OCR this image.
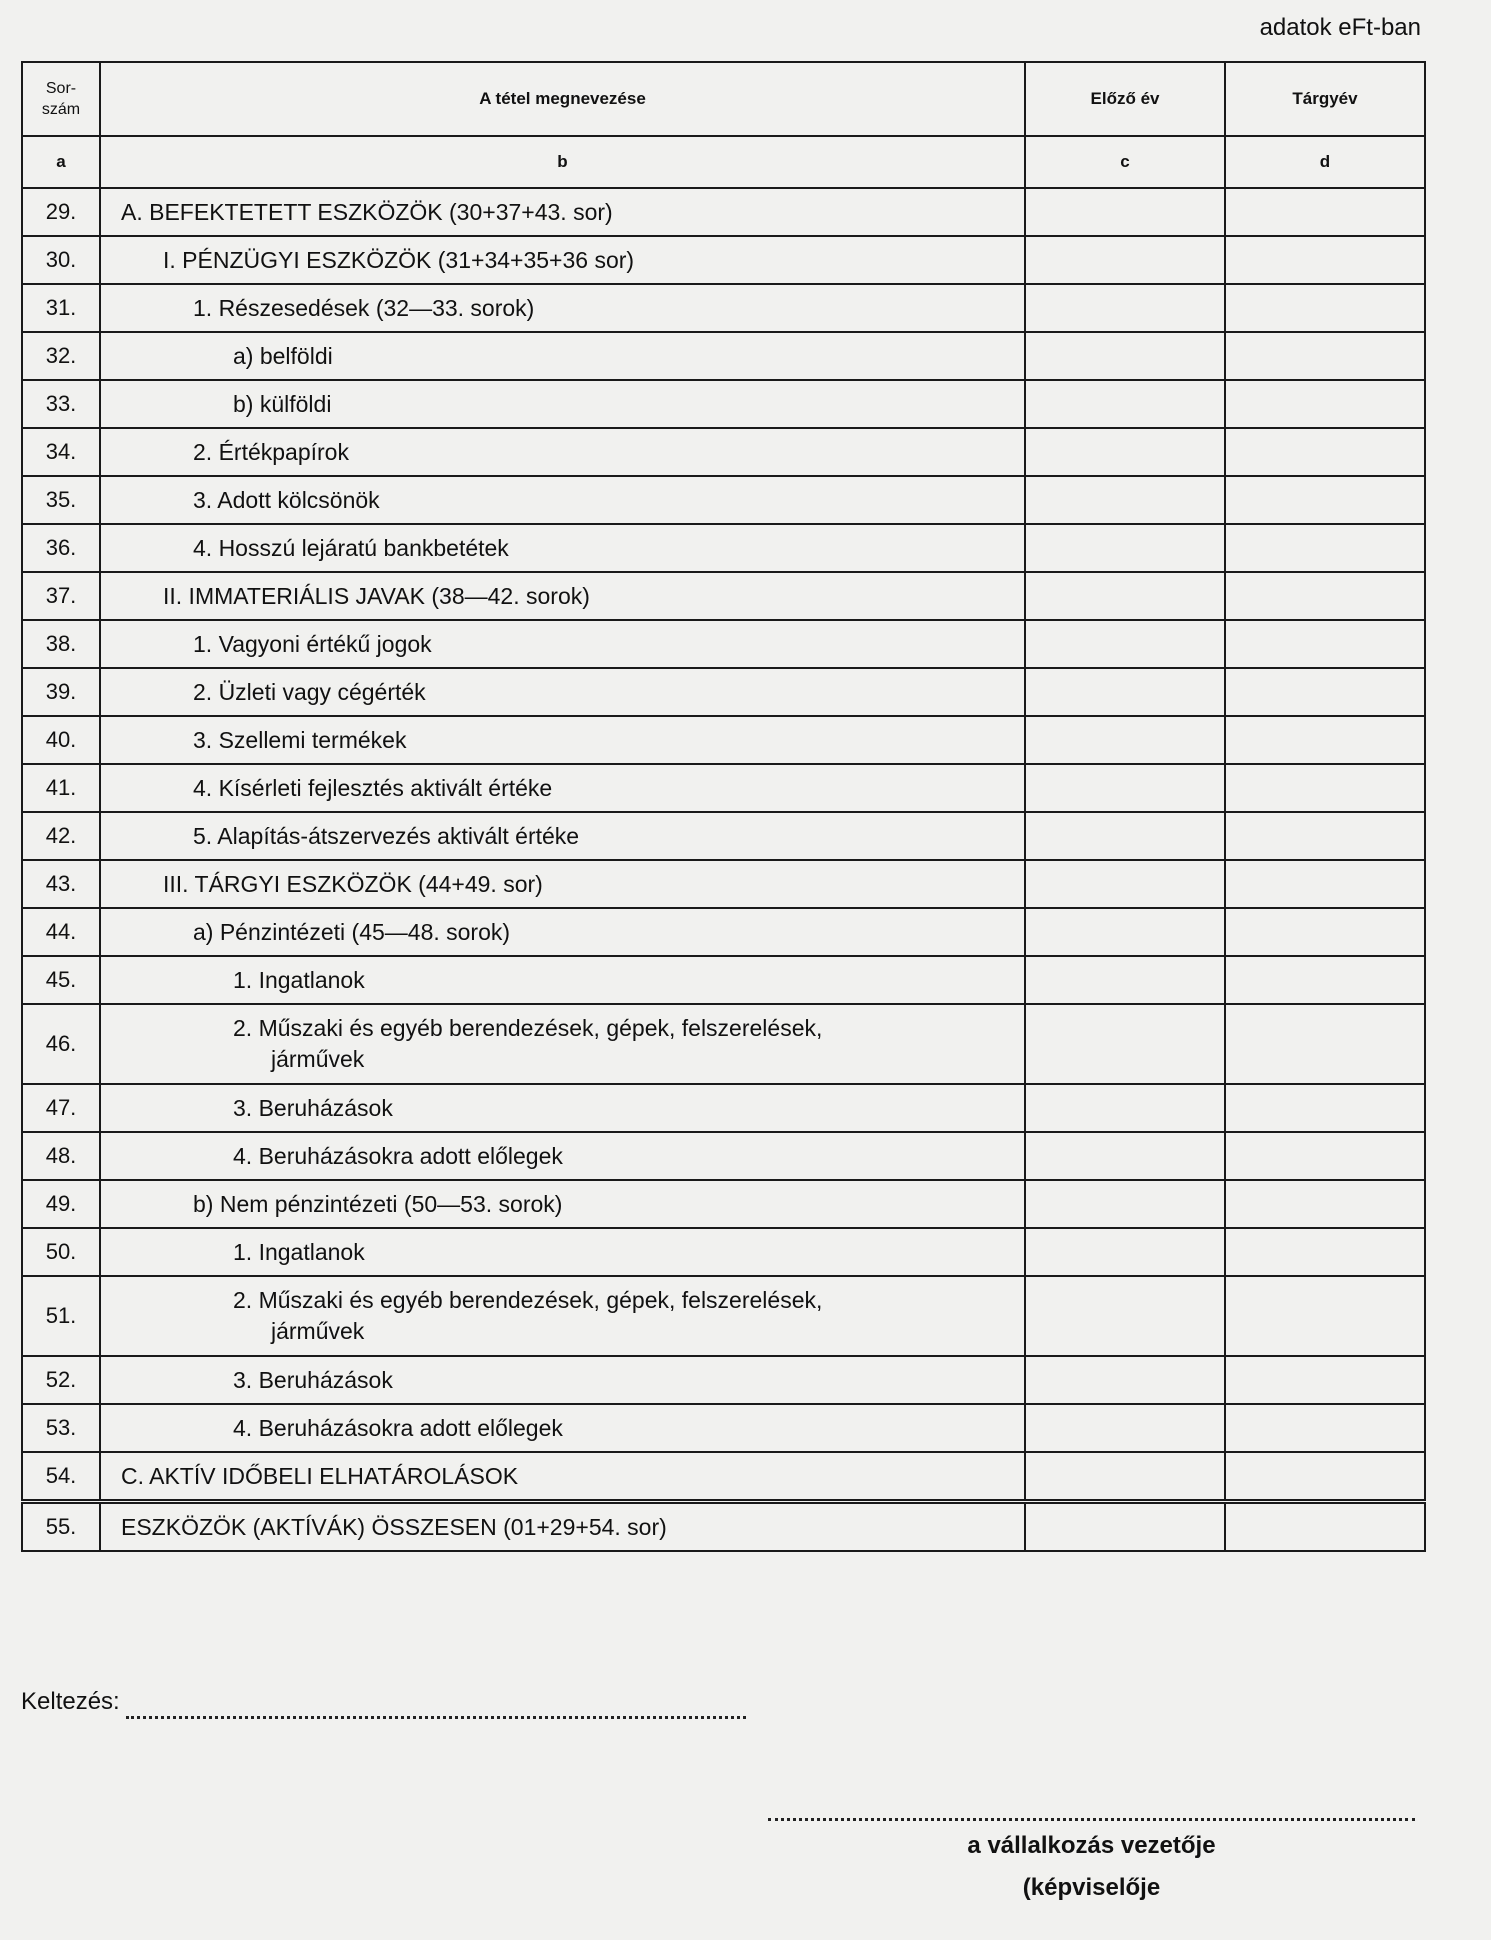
adatok eFt-ban
Sor-
szám	A tétel megnevezése	Előző év	Tárgyév
a	b	c	d
29.	A. BEFEKTETETT ESZKÖZÖK (30+37+43. sor)		

30.	I. PÉNZÜGYI ESZKÖZÖK (31+34+35+36 sor)		

31.	1. Részesedések (32—33. sorok)		

32.	a) belföldi		

33.	b) külföldi		

34.	2. Értékpapírok		

35.	3. Adott kölcsönök		

36.	4. Hosszú lejáratú bankbetétek		

37.	II. IMMATERIÁLIS JAVAK (38—42. sorok)		

38.	1. Vagyoni értékű jogok		

39.	2. Üzleti vagy cégérték		

40.	3. Szellemi termékek		

41.	4. Kísérleti fejlesztés aktivált értéke		

42.	5. Alapítás-átszervezés aktivált értéke		

43.	III. TÁRGYI ESZKÖZÖK (44+49. sor)		

44.	a) Pénzintézeti (45—48. sorok)		

45.	1. Ingatlanok		

46.	2. Műszaki és egyéb berendezések, gépek, felszerelések,
járművek		

47.	3. Beruházások		

48.	4. Beruházásokra adott előlegek		

49.	b) Nem pénzintézeti (50—53. sorok)		

50.	1. Ingatlanok		

51.	2. Műszaki és egyéb berendezések, gépek, felszerelések,
járművek		

52.	3. Beruházások		

53.	4. Beruházásokra adott előlegek		

54.	C. AKTÍV IDŐBELI ELHATÁROLÁSOK		

55.	ESZKÖZÖK (AKTÍVÁK) ÖSSZESEN (01+29+54. sor)		

Keltezés:
a vállalkozás vezetője
(képviselője
